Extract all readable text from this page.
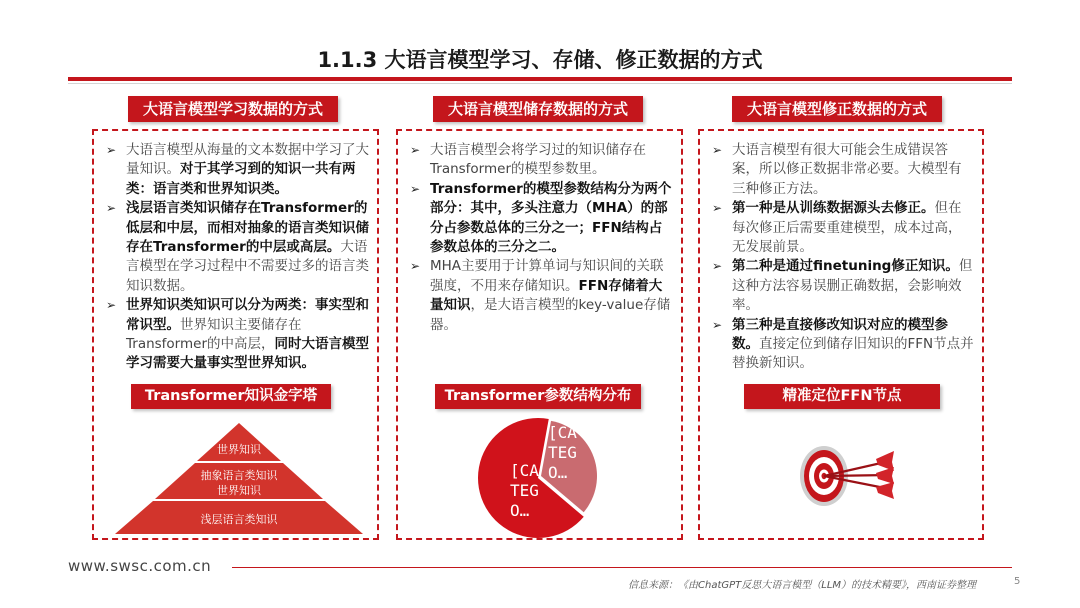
1.1.3 大语言模型学习、存储、修正数据的方式
大语言模型学习数据的方式
➢ 大语言模型从海量的文本数据中学习了大量知识。对于其学习到的知识一共有两类：语言类和世界知识类。
➢ 浅层语言类知识储存在Transformer的低层和中层，而相对抽象的语言类知识储存在Transformer的中层或高层。大语言模型在学习过程中不需要过多的语言类知识数据。
➢ 世界知识类知识可以分为两类：事实型和常识型。世界知识主要储存在Transformer的中高层，同时大语言模型学习需要大量事实型世界知识。
Transformer知识金字塔
世界知识
抽象语言类知识
世界知识
浅层语言类知识
大语言模型储存数据的方式
➢ 大语言模型会将学习过的知识储存在Transformer的模型参数里。
➢ Transformer的模型参数结构分为两个部分：其中，多头注意力（MHA）的部分占参数总体的三分之一；FFN结构占参数总体的三分之二。
➢ MHA主要用于计算单词与知识间的关联强度，不用来存储知识。FFN存储着大量知识，是大语言模型的key-value存储器。
Transformer参数结构分布
[CA TEG O…
[CA TEG O…
大语言模型修正数据的方式
➢ 大语言模型有很大可能会生成错误答案，所以修正数据非常必要。大模型有三种修正方法。
➢ 第一种是从训练数据源头去修正。但在每次修正后需要重建模型，成本过高，无发展前景。
➢ 第二种是通过finetuning修正知识。但这种方法容易误删正确数据，会影响效率。
➢ 第三种是直接修改知识对应的模型参数。直接定位到储存旧知识的FFN节点并替换新知识。
精准定位FFN节点
www.swsc.com.cn
信息来源：《由ChatGPT反思大语言模型（LLM）的技术精要》，西南证券整理	5
